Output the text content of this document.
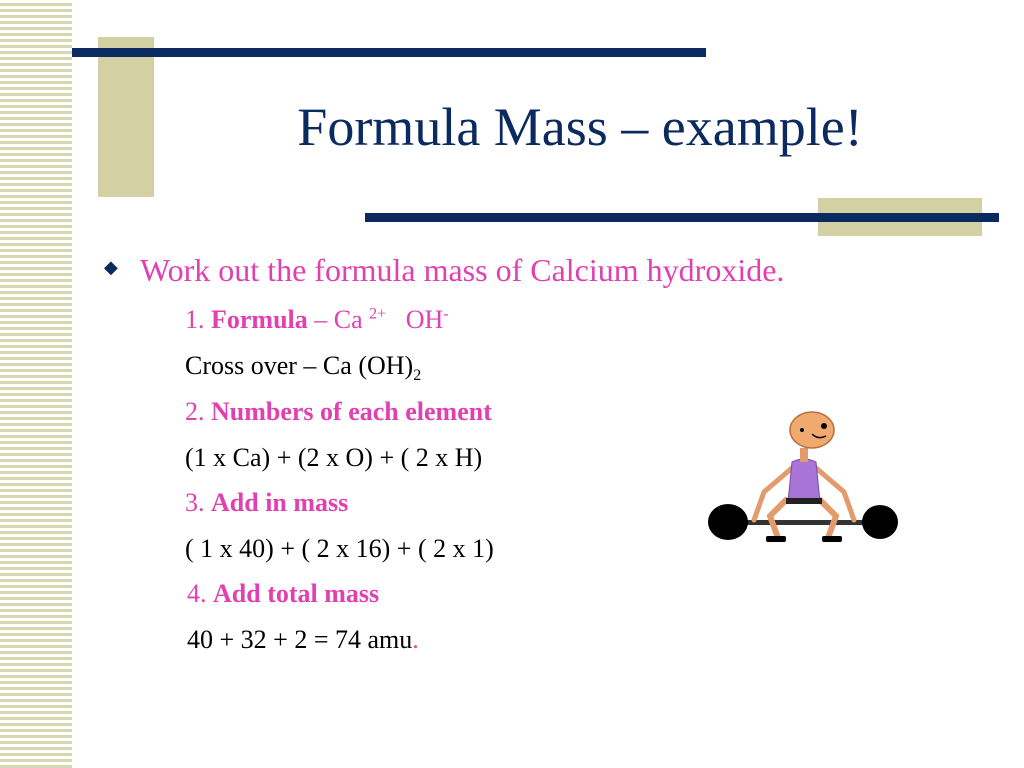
Formula Mass – example!
◆ Work out the formula mass of Calcium hydroxide.
1. Formula – Ca $^{2+}$ OH-
Cross over – Ca $(OH)_2$
2. Numbers of each element
(1 x Ca) + (2 x O) + ( 2 x H)
3. Add in mass
( 1 x 40) + ( 2 x 16) + ( 2 x 1)
4. Add total mass
40 + 32 + 2 = 74 amu.
